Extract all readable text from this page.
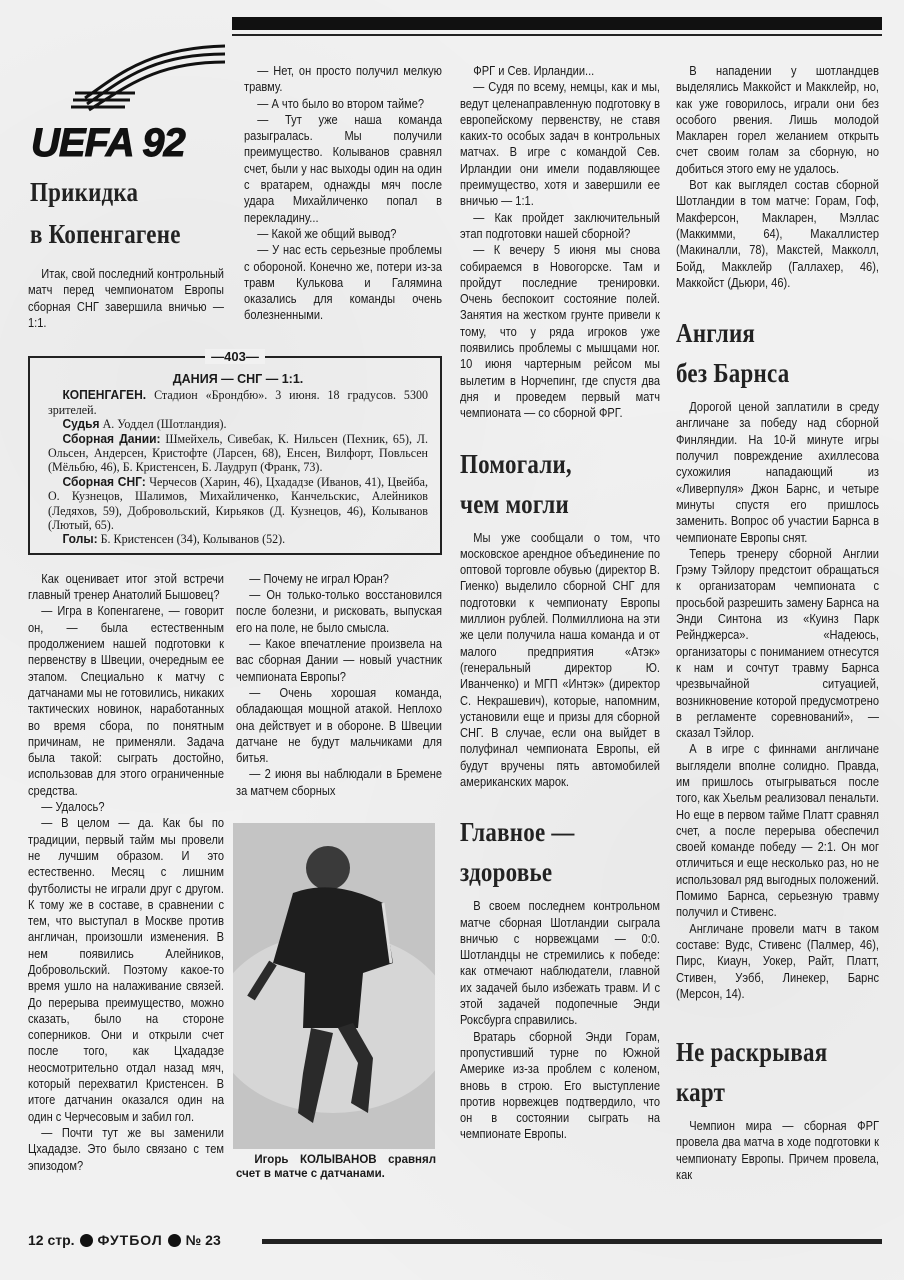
UEFA 92
Прикидка
в Копенгагене

Итак, свой последний контрольный матч перед чемпионатом Европы сборная СНГ завершила вничью — 1:1.

— Нет, он просто получил мелкую травму.

— А что было во втором тайме?

— Тут уже наша команда разыгралась. Мы получили преимущество. Колыванов сравнял счет, были у нас выходы один на один с вратарем, однажды мяч после удара Михайличенко попал в перекладину...

— Какой же общий вывод?

— У нас есть серьезные проблемы с обороной. Конечно же, потери из-за травм Кулькова и Галямина оказались для команды очень болезненными.

—403—
ДАНИЯ — СНГ — 1:1.

КОПЕНГАГЕН. Стадион «Брондбю». 3 июня. 18 градусов. 5300 зрителей.

Судья А. Уоддел (Шотландия).

Сборная Дании: Шмейхель, Сивебак, К. Нильсен (Пехник, 65), Л. Ольсен, Андерсен, Кристофте (Ларсен, 68), Енсен, Вилфорт, Повльсен (Мёльбю, 46), Б. Кристенсен, Б. Лаудруп (Франк, 73).

Сборная СНГ: Черчесов (Харин, 46), Цхададзе (Иванов, 41), Цвейба, О. Кузнецов, Шалимов, Михайличенко, Канчельскис, Алейников (Ледяхов, 59), Добровольский, Кирьяков (Д. Кузнецов, 46), Колыванов (Лютый, 65).

Голы: Б. Кристенсен (34), Колыванов (52).

Как оценивает итог этой встречи главный тренер Анатолий Бышовец?

— Игра в Копенгагене, — говорит он, — была естественным продолжением нашей подготовки к первенству в Швеции, очередным ее этапом. Специально к матчу с датчанами мы не готовились, никаких тактических новинок, наработанных во время сбора, по понятным причинам, не применяли. Задача была такой: сыграть достойно, использовав для этого ограниченные средства.

— Удалось?

— В целом — да. Как бы по традиции, первый тайм мы провели не лучшим образом. И это естественно. Месяц с лишним футболисты не играли друг с другом. К тому же в составе, в сравнении с тем, что выступал в Москве против англичан, произошли изменения. В нем появились Алейников, Добровольский. Поэтому какое-то время ушло на налаживание связей. До перерыва преимущество, можно сказать, было на стороне соперников. Они и открыли счет после того, как Цхададзе неосмотрительно отдал назад мяч, который перехватил Кристенсен. В итоге датчанин оказался один на один с Черчесовым и забил гол.

— Почти тут же вы заменили Цхададзе. Это было связано с тем эпизодом?

— Почему не играл Юран?

— Он только-только восстановился после болезни, и рисковать, выпуская его на поле, не было смысла.

— Какое впечатление произвела на вас сборная Дании — новый участник чемпионата Европы?

— Очень хорошая команда, обладающая мощной атакой. Неплохо она действует и в обороне. В Швеции датчане не будут мальчиками для битья.

— 2 июня вы наблюдали в Бремене за матчем сборных

Игорь КОЛЫВАНОВ сравнял счет в матче с датчанами.

ФРГ и Сев. Ирландии...

— Судя по всему, немцы, как и мы, ведут целенаправленную подготовку в европейскому первенству, не ставя каких-то особых задач в контрольных матчах. В игре с командой Сев. Ирландии они имели подавляющее преимущество, хотя и завершили ее вничью — 1:1.

— Как пройдет заключительный этап подготовки нашей сборной?

— К вечеру 5 июня мы снова собираемся в Новогорске. Там и пройдут последние тренировки. Очень беспокоит состояние полей. Занятия на жестком грунте привели к тому, что у ряда игроков уже появились проблемы с мышцами ног. 10 июня чартерным рейсом мы вылетим в Норчепинг, где спустя два дня и проведем первый матч чемпионата — со сборной ФРГ.

Помогали,
чем могли

Мы уже сообщали о том, что московское арендное объединение по оптовой торговле обувью (директор В. Гиенко) выделило сборной СНГ для подготовки к чемпионату Европы миллион рублей. Полмиллиона на эти же цели получила наша команда и от малого предприятия «Атэк» (генеральный директор Ю. Иванченко) и МГП «Интэк» (директор С. Некрашевич), которые, напомним, установили еще и призы для сборной СНГ. В случае, если она выйдет в полуфинал чемпионата Европы, ей будут вручены пять автомобилей американских марок.

Главное —
здоровье

В своем последнем контрольном матче сборная Шотландии сыграла вничью с норвежцами — 0:0. Шотландцы не стремились к победе: как отмечают наблюдатели, главной их задачей было избежать травм. И с этой задачей подопечные Энди Роксбурга справились.

Вратарь сборной Энди Горам, пропустивший турне по Южной Америке из-за проблем с коленом, вновь в строю. Его выступление против норвежцев подтвердило, что он в состоянии сыграть на чемпионате Европы.

В нападении у шотландцев выделялись Маккойст и Макклейр, но, как уже говорилось, играли они без особого рвения. Лишь молодой Макларен горел желанием открыть счет своим голам за сборную, но добиться этого ему не удалось.

Вот как выглядел состав сборной Шотландии в том матче: Горам, Гоф, Макферсон, Макларен, Мэллас (Маккимми, 64), Макаллистер (Макиналли, 78), Макстей, Макколл, Бойд, Макклейр (Галлахер, 46), Маккойст (Дьюри, 46).

Англия
без Барнса

Дорогой ценой заплатили в среду англичане за победу над сборной Финляндии. На 10-й минуте игры получил повреждение ахиллесова сухожилия нападающий из «Ливерпуля» Джон Барнс, и четыре минуты спустя его пришлось заменить. Вопрос об участии Барнса в чемпионате Европы снят.

Теперь тренеру сборной Англии Грэму Тэйлору предстоит обращаться к организаторам чемпионата с просьбой разрешить замену Барнса на Энди Синтона из «Куинз Парк Рейнджерса». «Надеюсь, организаторы с пониманием отнесутся к нам и сочтут травму Барнса чрезвычайной ситуацией, возникновение которой предусмотрено в регламенте соревнований», — сказал Тэйлор.

А в игре с финнами англичане выглядели вполне солидно. Правда, им пришлось отыгрываться после того, как Хьельм реализовал пенальти. Но еще в первом тайме Платт сравнял счет, а после перерыва обеспечил своей команде победу — 2:1. Он мог отличиться и еще несколько раз, но не использовал ряд выгодных положений. Помимо Барнса, серьезную травму получил и Стивенс.

Англичане провели матч в таком составе: Вудс, Стивенс (Палмер, 46), Пирс, Киаун, Уокер, Райт, Платт, Стивен, Уэбб, Линекер, Барнс (Мерсон, 14).

Не раскрывая
карт

Чемпион мира — сборная ФРГ провела два матча в ходе подготовки к чемпионату Европы. Причем провела, как

12 стр. ФУТБОЛ № 23
